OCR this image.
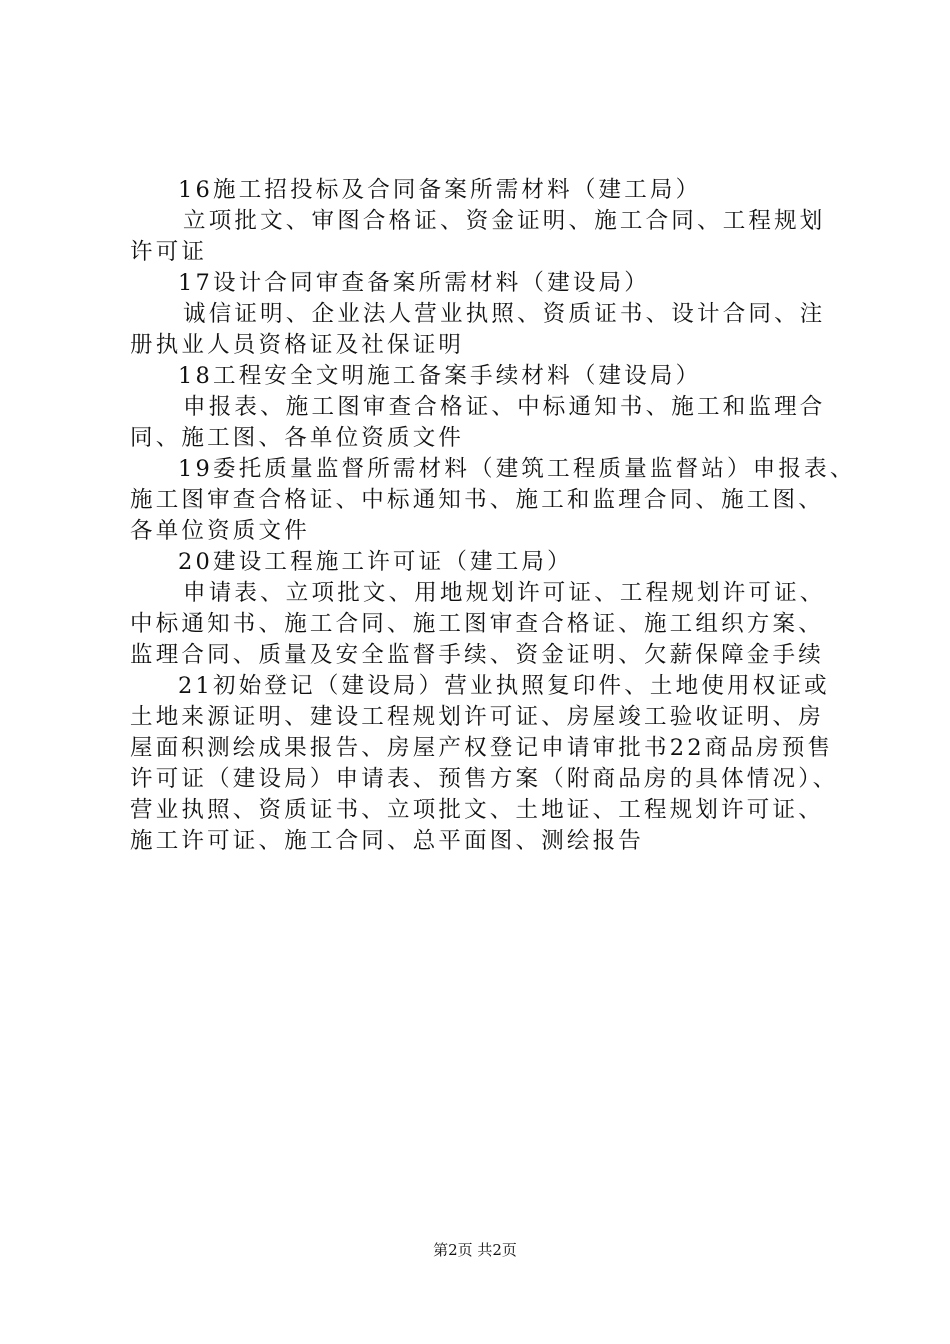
16施工招投标及合同备案所需材料（建工局）
立项批文、审图合格证、资金证明、施工合同、工程规划
许可证
17设计合同审查备案所需材料（建设局）
诚信证明、企业法人营业执照、资质证书、设计合同、注
册执业人员资格证及社保证明
18工程安全文明施工备案手续材料（建设局）
申报表、施工图审查合格证、中标通知书、施工和监理合
同、施工图、各单位资质文件
19委托质量监督所需材料（建筑工程质量监督站）申报表、
施工图审查合格证、中标通知书、施工和监理合同、施工图、
各单位资质文件
20建设工程施工许可证（建工局）
申请表、立项批文、用地规划许可证、工程规划许可证、
中标通知书、施工合同、施工图审查合格证、施工组织方案、
监理合同、质量及安全监督手续、资金证明、欠薪保障金手续
21初始登记（建设局）营业执照复印件、土地使用权证或
土地来源证明、建设工程规划许可证、房屋竣工验收证明、房
屋面积测绘成果报告、房屋产权登记申请审批书22商品房预售
许可证（建设局）申请表、预售方案（附商品房的具体情况）、
营业执照、资质证书、立项批文、土地证、工程规划许可证、
施工许可证、施工合同、总平面图、测绘报告
第2页 共2页
